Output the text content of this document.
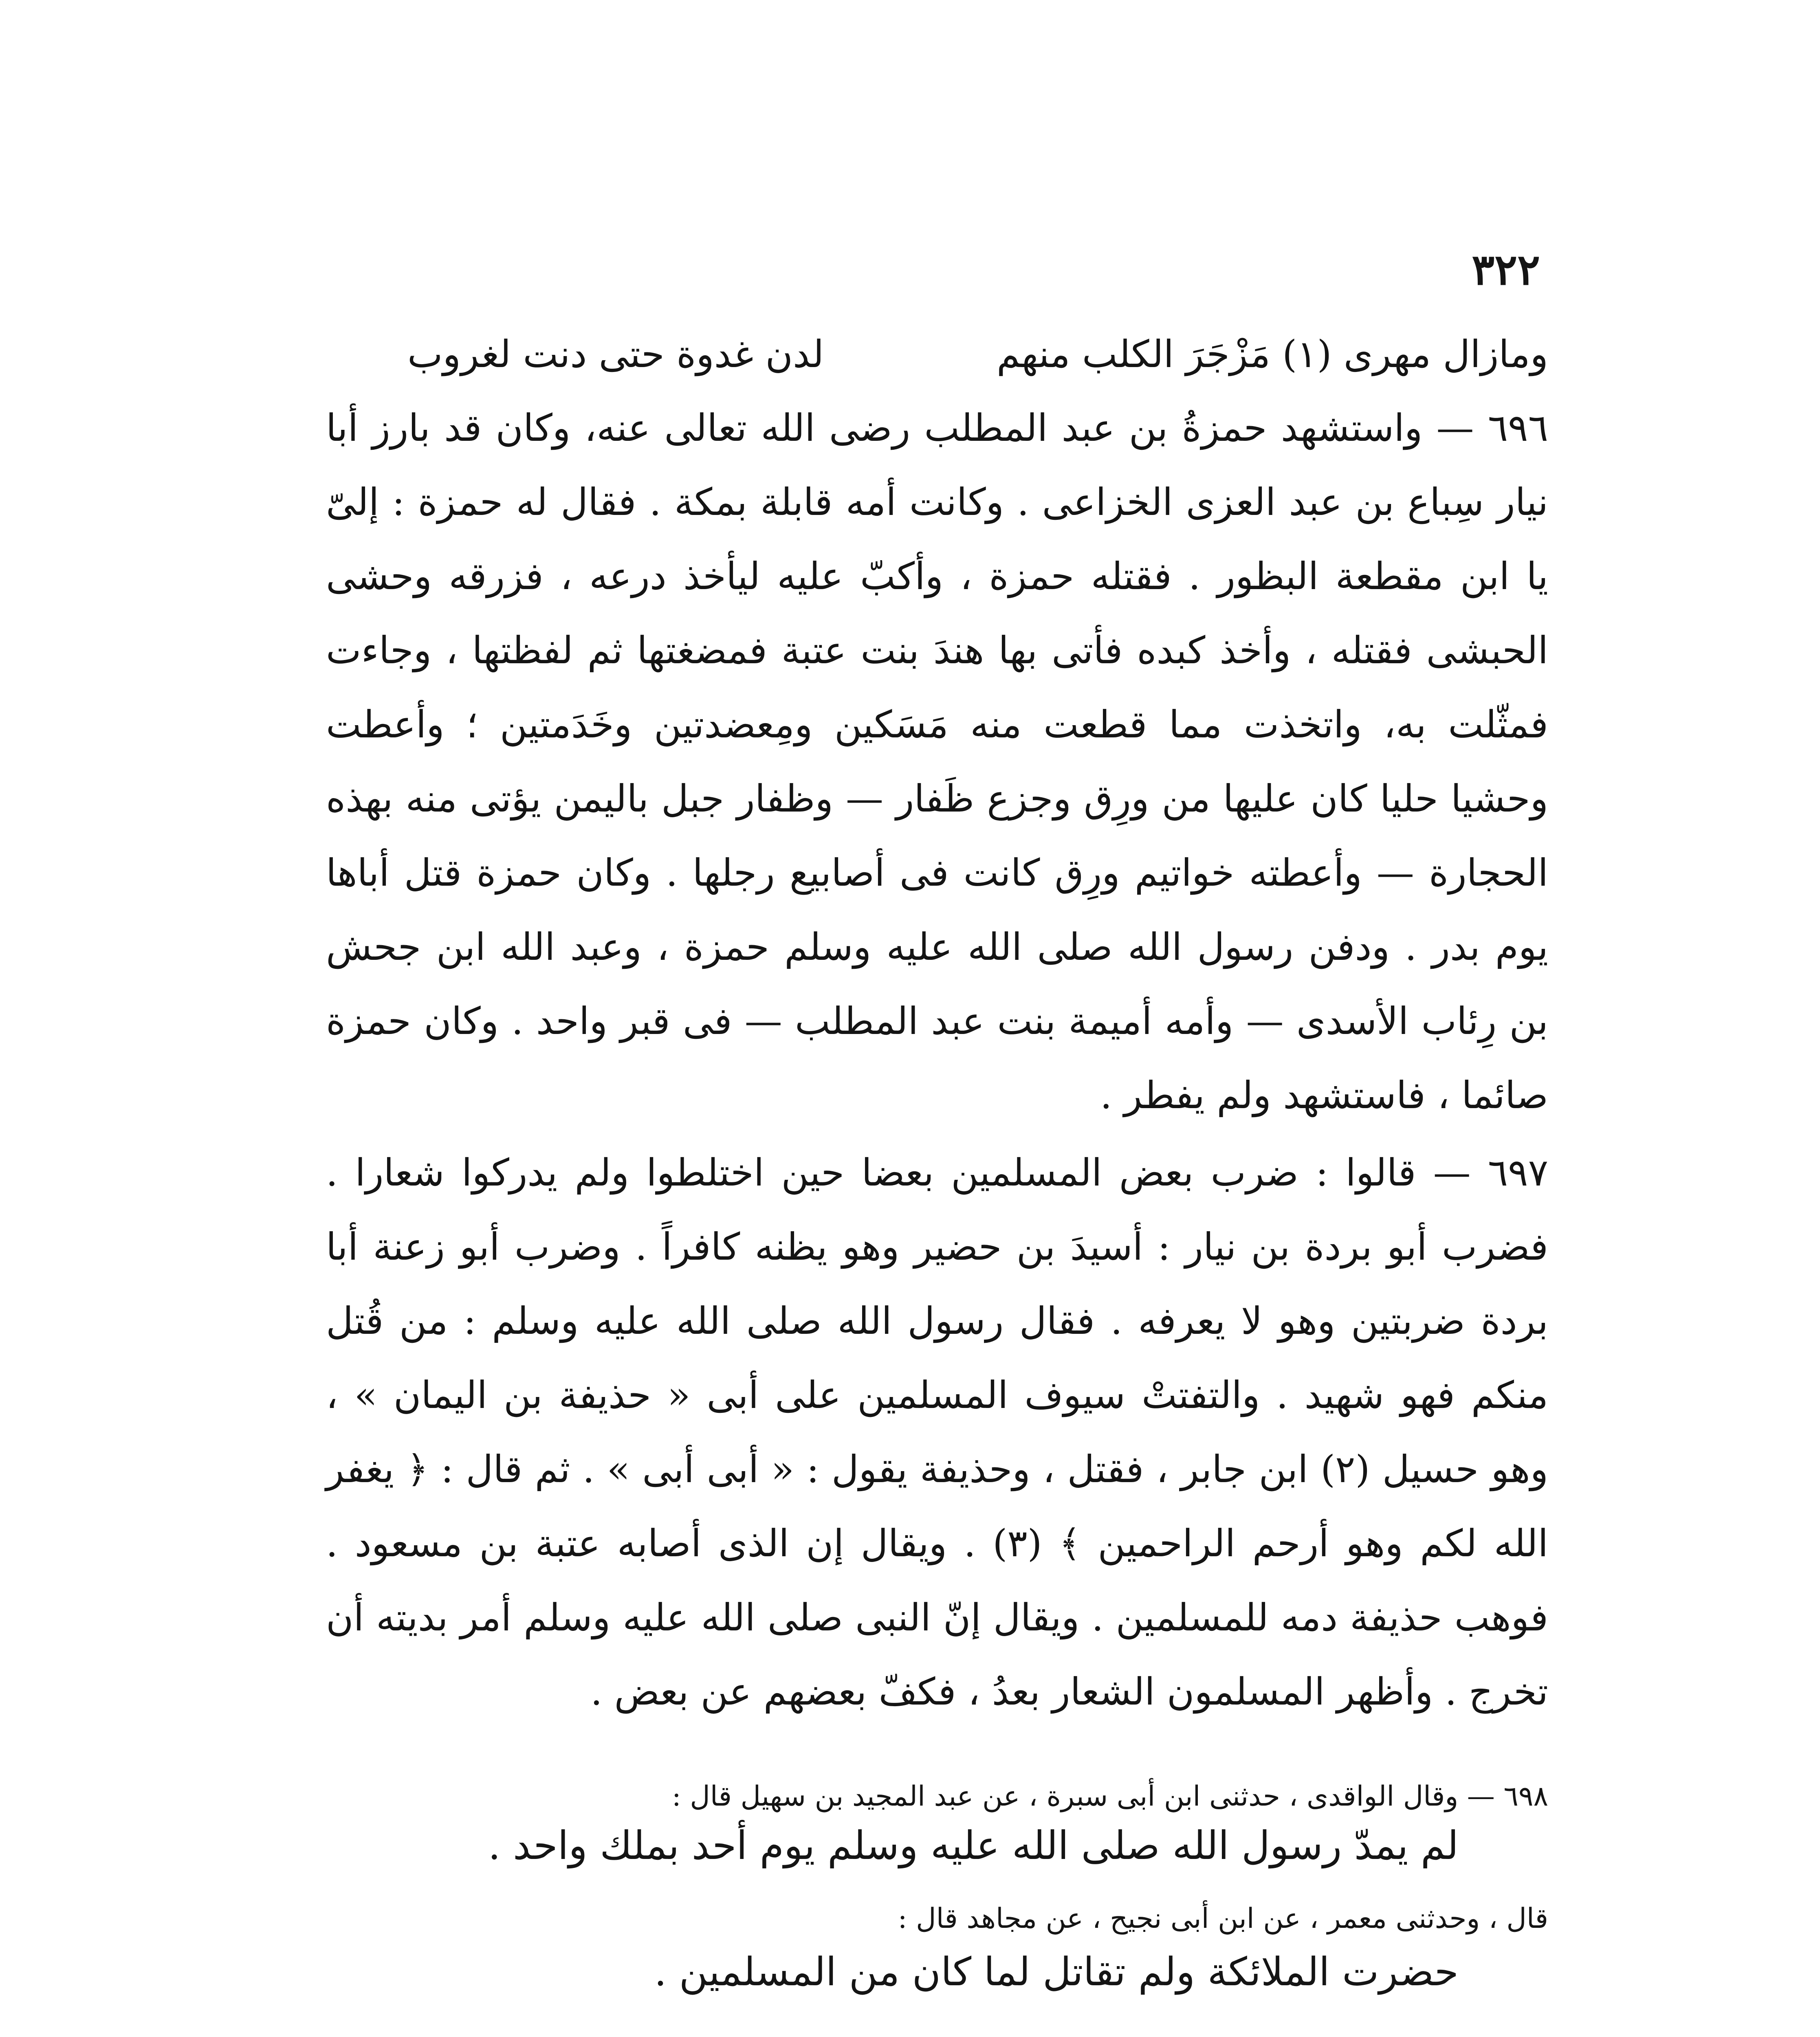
٣٢٢
ومازال مهرى (١) مَزْجَرَ الكلب منهم
لدن غدوة حتى دنت لغروب

٦٩٦ — واستشهد حمزةُ بن عبد المطلب رضى الله تعالى عنه، وكان قد بارز أبا نيار سِباع بن عبد العزى الخزاعى . وكانت أمه قابلة بمكة . فقال له حمزة : إلىّ يا ابن مقطعة البظور . فقتله حمزة ، وأكبّ عليه ليأخذ درعه ، فزرقه وحشى الحبشى فقتله ، وأخذ كبده فأتى بها هندَ بنت عتبة فمضغتها ثم لفظتها ، وجاءت فمثّلت به، واتخذت مما قطعت منه مَسَكين ومِعضدتين وخَدَمتين ؛ وأعطت وحشيا حليا كان عليها من ورِق وجزع ظَفار — وظفار جبل باليمن يؤتى منه بهذه الحجارة — وأعطته خواتيم ورِق كانت فى أصابيع رجلها . وكان حمزة قتل أباها يوم بدر . ودفن رسول الله صلى الله عليه وسلم حمزة ، وعبد الله ابن جحش بن رِئاب الأسدى — وأمه أميمة بنت عبد المطلب — فى قبر واحد . وكان حمزة صائما ، فاستشهد ولم يفطر .

٦٩٧ — قالوا : ضرب بعض المسلمين بعضا حين اختلطوا ولم يدركوا شعارا . فضرب أبو بردة بن نيار : أسيدَ بن حضير وهو يظنه كافراً . وضرب أبو زعنة أبا بردة ضربتين وهو لا يعرفه . فقال رسول الله صلى الله عليه وسلم : من قُتل منكم فهو شهيد . والتفتتْ سيوف المسلمين على أبى « حذيفة بن اليمان » ، وهو حسيل (٢) ابن جابر ، فقتل ، وحذيفة يقول : « أبى أبى » . ثم قال : ﴿ يغفر الله لكم وهو أرحم الراحمين ﴾ (٣) . ويقال إن الذى أصابه عتبة بن مسعود . فوهب حذيفة دمه للمسلمين . ويقال إنّ النبى صلى الله عليه وسلم أمر بديته أن تخرج . وأظهر المسلمون الشعار بعدُ ، فكفّ بعضهم عن بعض .

٦٩٨ — وقال الواقدى ، حدثنى ابن أبى سبرة ، عن عبد المجيد بن سهيل قال :
لم يمدّ رسول الله صلى الله عليه وسلم يوم أحد بملك واحد .
قال ، وحدثنى معمر ، عن ابن أبى نجيح ، عن مجاهد قال :
حضرت الملائكة ولم تقاتل لما كان من المسلمين .
